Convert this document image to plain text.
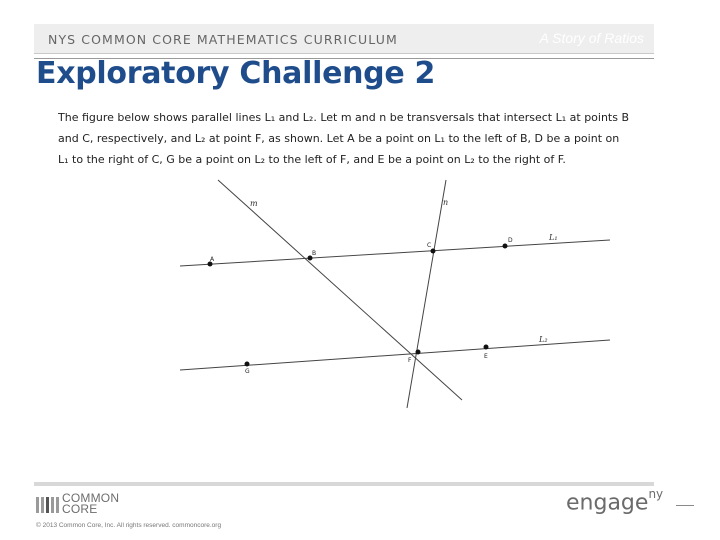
NYS COMMON CORE MATHEMATICS CURRICULUM	A Story of Ratios
Exploratory Challenge 2
The figure below shows parallel lines L₁ and L₂. Let m and n be transversals that intersect L₁ at points B
and C, respectively, and L₂ at point F, as shown. Let A be a point on L₁ to the left of B, D be a point on
L₁ to the right of C, G be a point on L₂ to the left of F, and E be a point on L₂ to the right of F.
A
B
C
D
F
E
G
m	n
L₁
L₂
COMMON
CORE
© 2013 Common Core, Inc. All rights reserved. commoncore.org
engage$^{ny}$
